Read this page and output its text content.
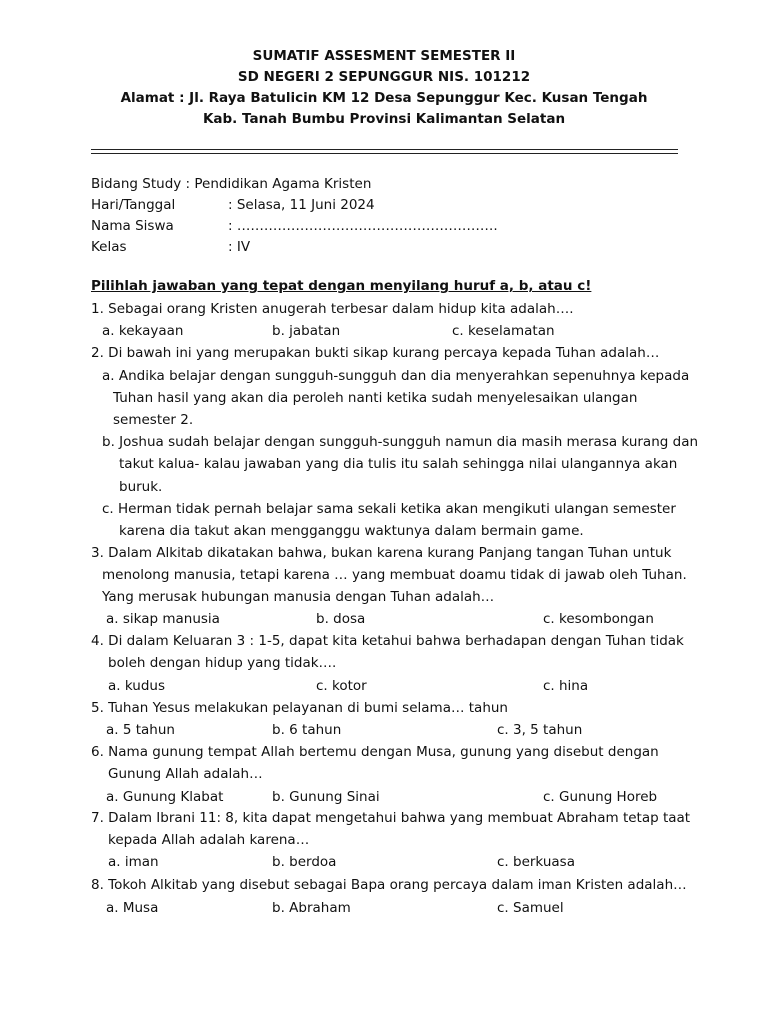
SUMATIF ASSESMENT SEMESTER II
SD NEGERI 2 SEPUNGGUR NIS. 101212
Alamat : Jl. Raya Batulicin KM 12 Desa Sepunggur Kec. Kusan Tengah
Kab. Tanah Bumbu Provinsi Kalimantan Selatan
Bidang Study : Pendidikan Agama Kristen
Hari/Tanggal	: Selasa, 11 Juni 2024
Nama Siswa	: ………………………………………………….
Kelas	: IV
Pilihlah jawaban yang tepat dengan menyilang huruf a, b, atau c!
1. Sebagai orang Kristen anugerah terbesar dalam hidup kita adalah….
a. kekayaan	b. jabatan	c. keselamatan
2. Di bawah ini yang merupakan bukti sikap kurang percaya kepada Tuhan adalah…
a. Andika belajar dengan sungguh-sungguh dan dia menyerahkan sepenuhnya kepada
Tuhan hasil yang akan dia peroleh nanti ketika sudah menyelesaikan ulangan
semester 2.
b. Joshua sudah belajar dengan sungguh-sungguh namun dia masih merasa kurang dan
takut kalua- kalau jawaban yang dia tulis itu salah sehingga nilai ulangannya akan
buruk.
c. Herman tidak pernah belajar sama sekali ketika akan mengikuti ulangan semester
karena dia takut akan mengganggu waktunya dalam bermain game.
3. Dalam Alkitab dikatakan bahwa, bukan karena kurang Panjang tangan Tuhan untuk
menolong manusia, tetapi karena … yang membuat doamu tidak di jawab oleh Tuhan.
Yang merusak hubungan manusia dengan Tuhan adalah…
a. sikap manusia	b. dosa	c. kesombongan
4. Di dalam Keluaran 3 : 1-5, dapat kita ketahui bahwa berhadapan dengan Tuhan tidak
boleh dengan hidup yang tidak….
a. kudus	c. kotor	c. hina
5. Tuhan Yesus melakukan pelayanan di bumi selama… tahun
a. 5 tahun	b. 6 tahun	c. 3, 5 tahun
6. Nama gunung tempat Allah bertemu dengan Musa, gunung yang disebut dengan
Gunung Allah adalah…
a. Gunung Klabat	b. Gunung Sinai	c. Gunung Horeb
7. Dalam Ibrani 11: 8, kita dapat mengetahui bahwa yang membuat Abraham tetap taat
kepada Allah adalah karena…
a. iman	b. berdoa	c. berkuasa
8. Tokoh Alkitab yang disebut sebagai Bapa orang percaya dalam iman Kristen adalah…
a. Musa	b. Abraham	c. Samuel
